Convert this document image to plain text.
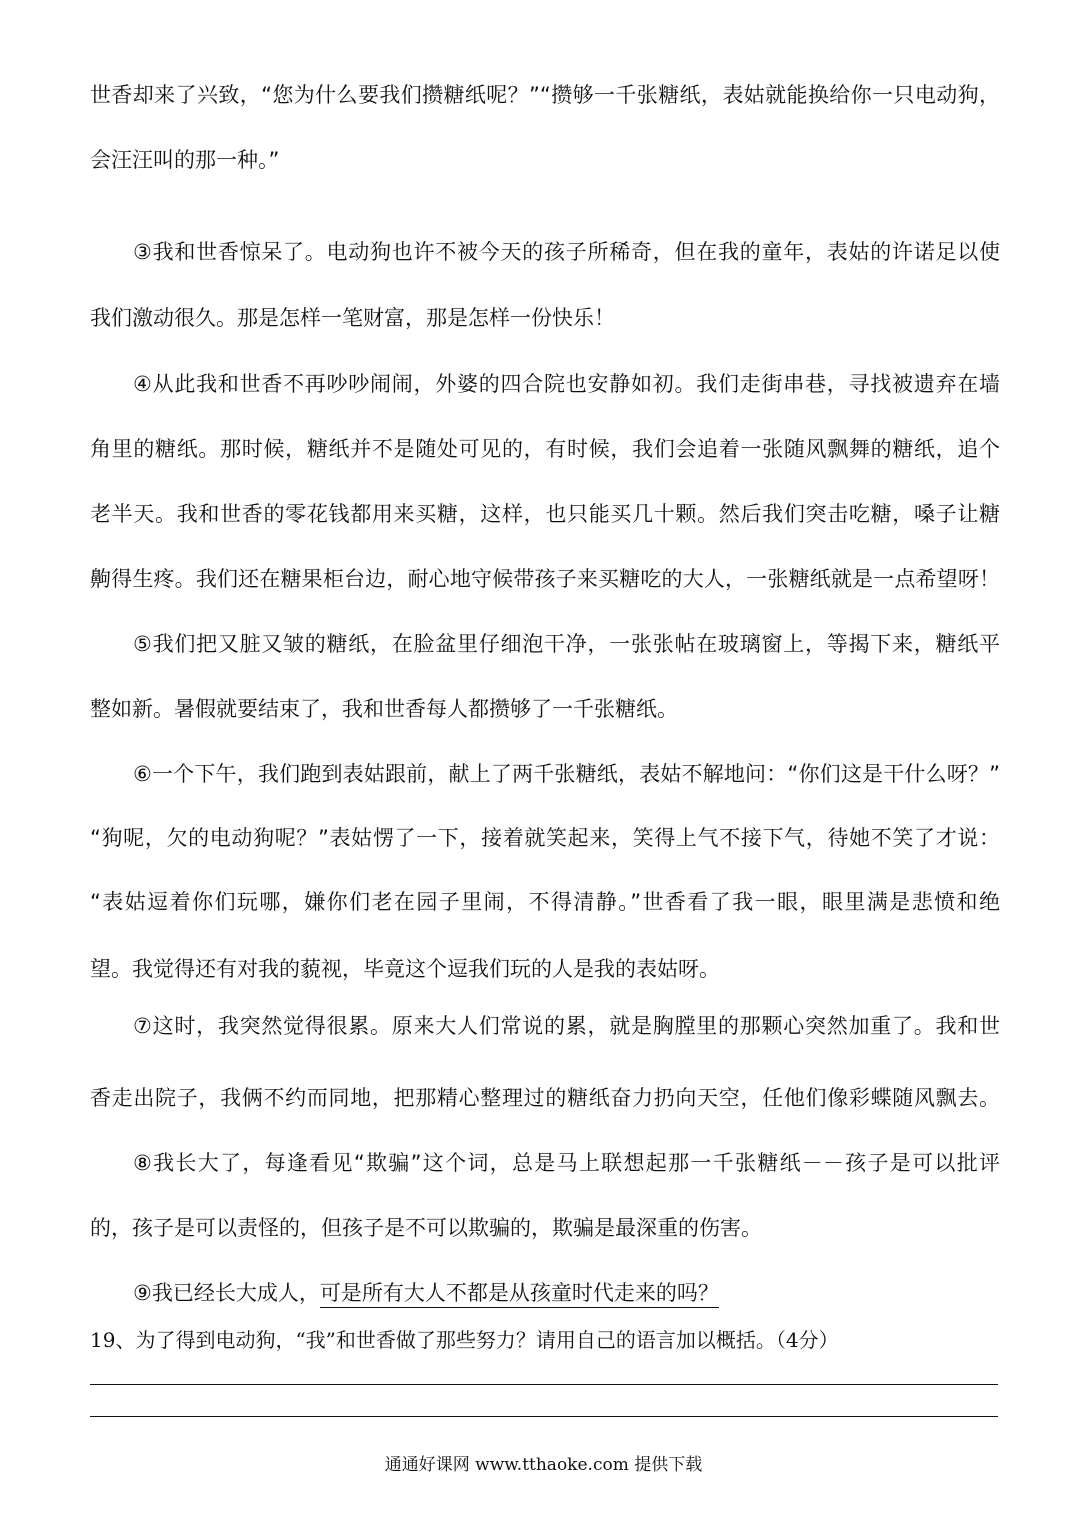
世香却来了兴致，“您为什么要我们攒糖纸呢？”“攒够一千张糖纸，表姑就能换给你一只电动狗，
会汪汪叫的那一种。”
③我和世香惊呆了。电动狗也许不被今天的孩子所稀奇，但在我的童年，表姑的许诺足以使
我们激动很久。那是怎样一笔财富，那是怎样一份快乐！
④从此我和世香不再吵吵闹闹，外婆的四合院也安静如初。我们走街串巷，寻找被遗弃在墙
角里的糖纸。那时候，糖纸并不是随处可见的，有时候，我们会追着一张随风飘舞的糖纸，追个
老半天。我和世香的零花钱都用来买糖，这样，也只能买几十颗。然后我们突击吃糖，嗓子让糖
齁得生疼。我们还在糖果柜台边，耐心地守候带孩子来买糖吃的大人，一张糖纸就是一点希望呀！
⑤我们把又脏又皱的糖纸，在脸盆里仔细泡干净，一张张帖在玻璃窗上，等揭下来，糖纸平
整如新。暑假就要结束了，我和世香每人都攒够了一千张糖纸。
⑥一个下午，我们跑到表姑跟前，献上了两千张糖纸，表姑不解地问：“你们这是干什么呀？”
“狗呢，欠的电动狗呢？”表姑愣了一下，接着就笑起来，笑得上气不接下气，待她不笑了才说：
“表姑逗着你们玩哪，嫌你们老在园子里闹，不得清静。”世香看了我一眼，眼里满是悲愤和绝
望。我觉得还有对我的藐视，毕竟这个逗我们玩的人是我的表姑呀。
⑦这时，我突然觉得很累。原来大人们常说的累，就是胸膛里的那颗心突然加重了。我和世
香走出院子，我俩不约而同地，把那精心整理过的糖纸奋力扔向天空，任他们像彩蝶随风飘去。
⑧我长大了，每逢看见“欺骗”这个词，总是马上联想起那一千张糖纸－－孩子是可以批评
的，孩子是可以责怪的，但孩子是不可以欺骗的，欺骗是最深重的伤害。
⑨我已经长大成人，可是所有大人不都是从孩童时代走来的吗？
19、为了得到电动狗，“我”和世香做了那些努力？请用自己的语言加以概括。（4分）
通通好课网 www.tthaoke.com 提供下载
